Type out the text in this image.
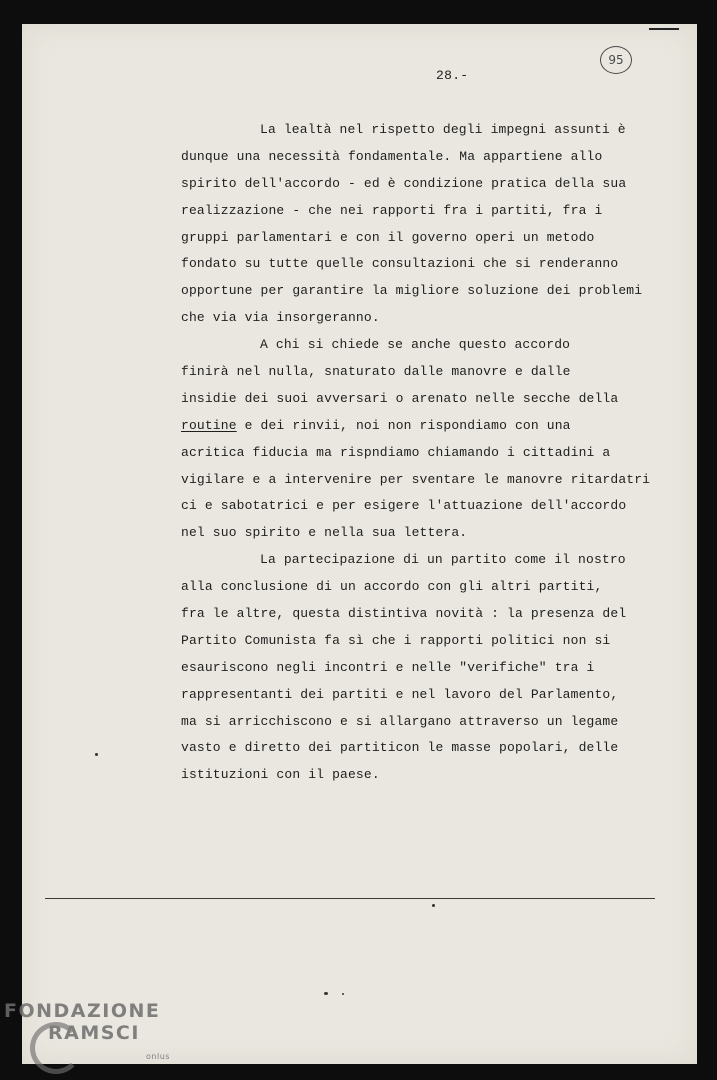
95
28.-
La lealtà nel rispetto degli impegni assunti è
dunque una necessità fondamentale. Ma appartiene allo
spirito dell'accordo - ed è condizione pratica della sua
realizzazione - che nei rapporti fra i partiti, fra i
gruppi parlamentari e con il governo operi un metodo
fondato su tutte quelle consultazioni che si renderanno
opportune per garantire la migliore soluzione dei problemi
che via via insorgeranno.
A chi si chiede se anche questo accordo
finirà nel nulla, snaturato dalle manovre e dalle
insidie dei suoi avversari o arenato nelle secche della
routine e dei rinvii, noi non rispondiamo con una
acritica fiducia ma rispndiamo chiamando i cittadini a
vigilare e a intervenire per sventare le manovre ritardatri
ci e sabotatrici e per esigere l'attuazione dell'accordo
nel suo spirito e nella sua lettera.
La partecipazione di un partito come il nostro
alla conclusione di un accordo con gli altri partiti,
fra le altre, questa distintiva novità : la presenza del
Partito Comunista fa sì che i rapporti politici non si
esauriscono negli incontri e nelle "verifiche" tra i
rappresentanti dei partiti e nel lavoro del Parlamento,
ma si arricchiscono e si allargano attraverso un legame
vasto e diretto dei partiticon le masse popolari, delle
istituzioni con il paese.
FONDAZIONE
RAMSCI
onlus
